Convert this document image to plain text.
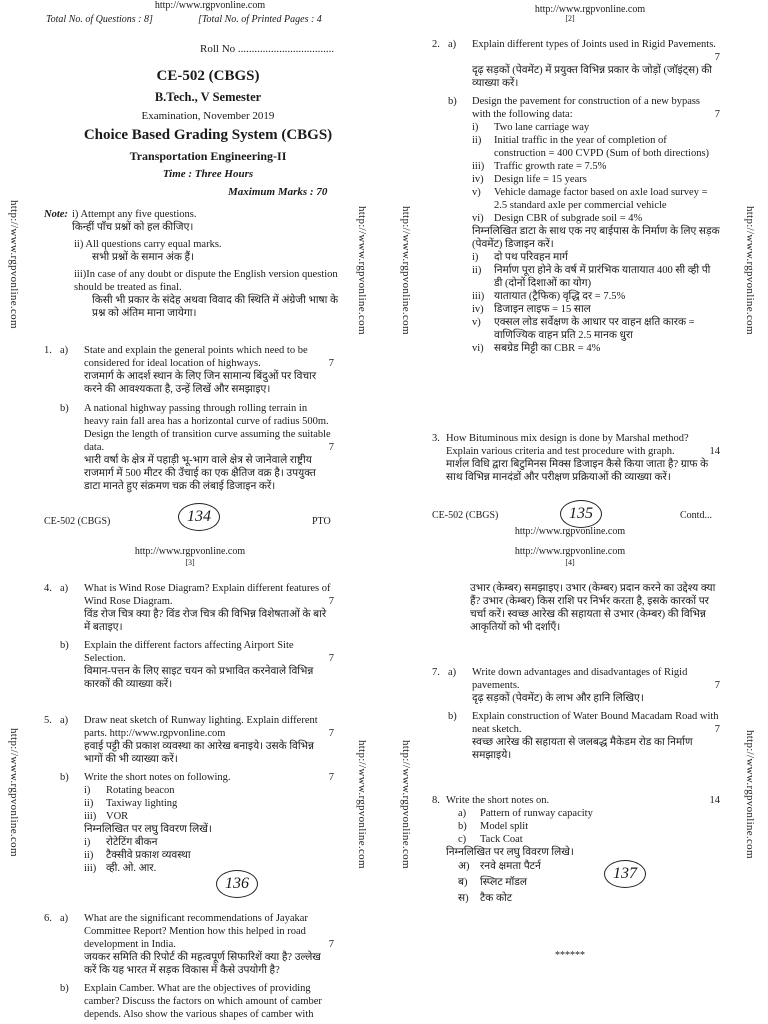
http://www.rgpvonline.com
Total No. of Questions : 8]	[Total No. of Printed Pages : 4
Roll No ...................................
CE-502 (CBGS)
B.Tech., V Semester
Examination, November 2019
Choice Based Grading System (CBGS)
Transportation Engineering-II
Time : Three Hours
Maximum Marks : 70
Note: i) Attempt any five questions.

किन्हीं पाँच प्रश्नों को हल कीजिए।

ii) All questions carry equal marks.

सभी प्रश्नों के समान अंक हैं।

iii)In case of any doubt or dispute the English version question should be treated as final.

किसी भी प्रकार के संदेह अथवा विवाद की स्थिति में अंग्रेजी भाषा के प्रश्न को अंतिम माना जायेगा।

1. a) State and explain the general points which need to be considered for ideal location of highways.	7

राजमार्ग के आदर्श स्थान के लिए जिन सामान्य बिंदुओं पर विचार करने की आवश्यकता है, उन्हें लिखें और समझाइए।

b) A national highway passing through rolling terrain in heavy rain fall area has a horizontal curve of radius 500m. Design the length of transition curve assuming the suitable data.	7

भारी वर्षा के क्षेत्र में पहाड़ी भू-भाग वाले क्षेत्र से जानेवाले राष्ट्रीय राजमार्ग में 500 मीटर की उँचाई का एक क्षैतिज वक्र है। उपयुक्त डाटा मानते हुए संक्रमण चक्र की लंबाई डिजाइन करें।

134
CE-502 (CBGS)	PTO
http://www.rgpvonline.com
[2]
2. a) Explain different types of Joints used in Rigid Pavements.

7

दृढ़ सड़कों (पेवमेंट) में प्रयुक्त विभिन्न प्रकार के जोड़ों (जॉइंट्स) की व्याख्या करें।

b) Design the pavement for construction of a new bypass with the following data:	7

i) Two lane carriage way
ii) Initial traffic in the year of completion of construction = 400 CVPD (Sum of both directions)
iii) Traffic growth rate = 7.5%
iv) Design life = 15 years
v) Vehicle damage factor based on axle load survey = 2.5 standard axle per commercial vehicle
vi) Design CBR of subgrade soil = 4%

निम्नलिखित डाटा के साथ एक नए बाईपास के निर्माण के लिए सड़क (पेवमेंट) डिजाइन करें।

i) दो पथ परिवहन मार्ग
ii) निर्माण पूरा होने के वर्ष में प्रारंभिक यातायात 400 सी व्ही पी डी (दोनों दिशाओं का योग)
iii) यातायात (ट्रैफिक) वृद्धि दर = 7.5%
iv) डिजाइन लाइफ = 15 साल
v) एक्सल लोड सर्वेक्षण के आधार पर वाहन क्षति कारक = वाणिज्यिक वाहन प्रति 2.5 मानक धुरा
vi) सबग्रेड मिट्टी का CBR = 4%
3. How Bituminous mix design is done by Marshal method? Explain various criteria and test procedure with graph.	14

मार्शल विधि द्वारा बिटुमिनस मिक्स डिजाइन कैसे किया जाता है? ग्राफ के साथ विभिन्न मानदंडों और परीक्षण प्रक्रियाओं की व्याख्या करें।

135
CE-502 (CBGS)	Contd...
http://www.rgpvonline.com
http://www.rgpvonline.com
[3]
4. a) What is Wind Rose Diagram? Explain different features of Wind Rose Diagram.	7

विंड रोज चित्र क्या है? विंड रोज चित्र की विभिन्न विशेषताओं के बारे में बताइए।

b) Explain the different factors affecting Airport Site Selection.	7

विमान-पत्तन के लिए साइट चयन को प्रभावित करनेवाले विभिन्न कारकों की व्याख्या करें।

5. a) Draw neat sketch of Runway lighting. Explain different parts. http://www.rgpvonline.com	7

हवाई पट्टी की प्रकाश व्यवस्था का आरेख बनाइये। उसके विभिन्न भागों की भी व्याख्या करें।

b) Write the short notes on following.	7

i) Rotating beacon
ii) Taxiway lighting
iii) VOR

निम्नलिखित पर लघु विवरण लिखें।

i) रोटेटिंग बीकन
ii) टैक्सीवे प्रकाश व्यवस्था
iii) व्ही. ओ. आर.
136
6. a) What are the significant recommendations of Jayakar Committee Report? Mention how this helped in road development in India.	7

जयकर समिति की रिपोर्ट की महत्वपूर्ण सिफारिशें क्या है? उल्लेख करें कि यह भारत में सड़क विकास में कैसे उपयोगी है?

b) Explain Camber. What are the objectives of providing camber? Discuss the factors on which amount of camber depends. Also show the various shapes of camber with

http://www.rgpvonline.com
[4]
उभार (केम्बर) समझाइए। उभार (केम्बर) प्रदान करने का उद्देश्य क्या हैं? उभार (केम्बर) किस राशि पर निर्भर करता है, इसके कारकों पर चर्चा करें। स्वच्छ आरेख की सहायता से उभार (केम्बर) की विभिन्न आकृतियों को भी दर्शाएँ।
7. a) Write down advantages and disadvantages of Rigid pavements.	7

दृढ़ सड़कों (पेवमेंट) के लाभ और हानि लिखिए।

b) Explain construction of Water Bound Macadam Road with neat sketch.	7

स्वच्छ आरेख की सहायता से जलबद्ध मैकेडम रोड का निर्माण समझाइये।

8. Write the short notes on.	14

a) Pattern of runway capacity
b) Model split
c) Tack Coat

निम्नलिखित पर लघु विवरण लिखे।

अ) रनवे क्षमता पैटर्न
ब) स्प्लिट मॉडल
स) टैक कोट
137
******
http://www.rgpvonline.com	http://www.rgpvonline.com	http://www.rgpvonline.com	http://www.rgpvonline.com
http://www.rgpvonline.com	http://www.rgpvonline.com	http://www.rgpvonline.com	http://www.rgpvonline.com
